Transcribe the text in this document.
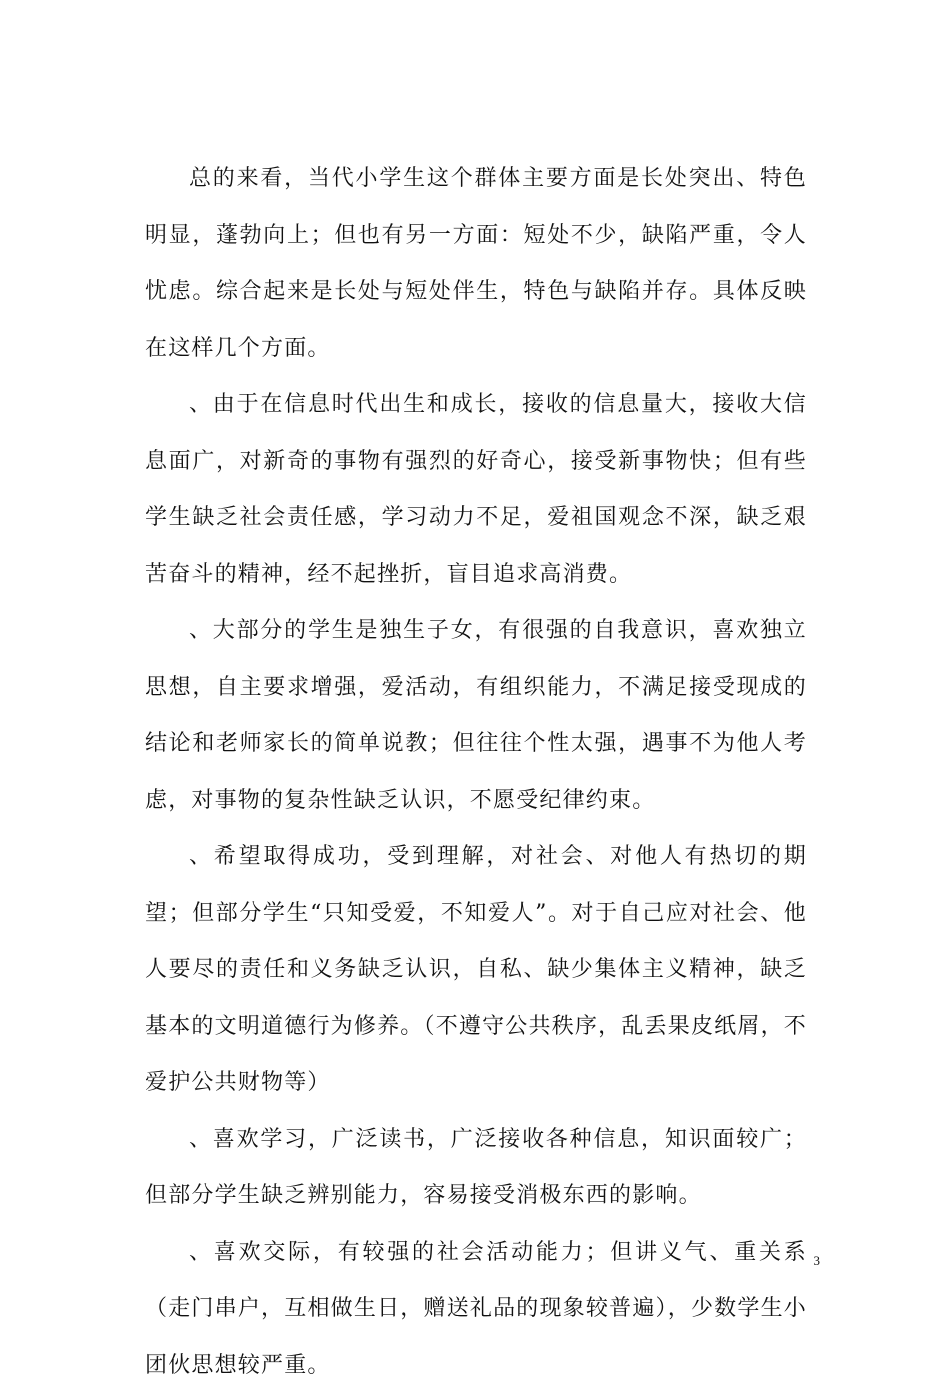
总的来看，当代小学生这个群体主要方面是长处突出、特色明显，蓬勃向上；但也有另一方面：短处不少，缺陷严重，令人忧虑。综合起来是长处与短处伴生，特色与缺陷并存。具体反映在这样几个方面。

、由于在信息时代出生和成长，接收的信息量大，接收大信息面广，对新奇的事物有强烈的好奇心，接受新事物快；但有些学生缺乏社会责任感，学习动力不足，爱祖国观念不深，缺乏艰苦奋斗的精神，经不起挫折，盲目追求高消费。

、大部分的学生是独生子女，有很强的自我意识，喜欢独立思想，自主要求增强，爱活动，有组织能力，不满足接受现成的结论和老师家长的简单说教；但往往个性太强，遇事不为他人考虑，对事物的复杂性缺乏认识，不愿受纪律约束。

、希望取得成功，受到理解，对社会、对他人有热切的期望；但部分学生“只知受爱，不知爱人”。对于自己应对社会、他人要尽的责任和义务缺乏认识，自私、缺少集体主义精神，缺乏基本的文明道德行为修养。（不遵守公共秩序，乱丢果皮纸屑，不爱护公共财物等）

、喜欢学习，广泛读书，广泛接收各种信息，知识面较广；但部分学生缺乏辨别能力，容易接受消极东西的影响。

、喜欢交际，有较强的社会活动能力；但讲义气、重关系（走门串户，互相做生日，赠送礼品的现象较普遍），少数学生小团伙思想较严重。

3
